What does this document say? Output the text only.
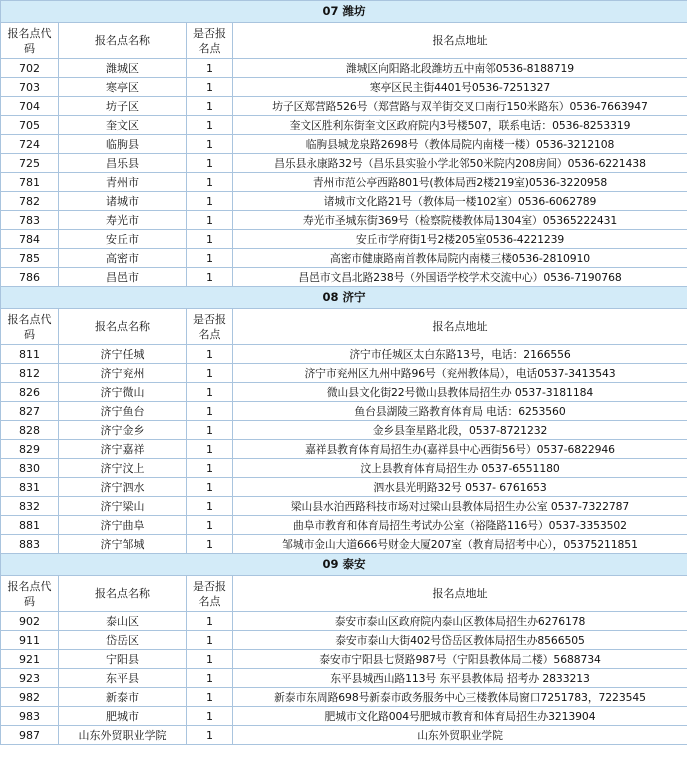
07 潍坊			
报名点代码	报名点名称	是否报名点	报名点地址
702	潍城区	1	潍城区向阳路北段潍坊五中南邻0536-8188719
703	寒亭区	1	寒亭区民主街4401号0536-7251327
704	坊子区	1	坊子区郑营路526号（郑营路与双羊街交叉口南行150米路东）0536-7663947
705	奎文区	1	奎文区胜利东街奎文区政府院内3号楼507，联系电话：0536-8253319
724	临朐县	1	临朐县城龙泉路2698号（教体局院内南楼一楼）0536-3212108
725	昌乐县	1	昌乐县永康路32号（昌乐县实验小学北邻50米院内208房间）0536-6221438
781	青州市	1	青州市范公亭西路801号(教体局西2楼219室)0536-3220958
782	诸城市	1	诸城市文化路21号（教体局一楼102室）0536-6062789
783	寿光市	1	寿光市圣城东街369号（检察院楼教体局1304室）05365222431
784	安丘市	1	安丘市学府街1号2楼205室0536-4221239
785	高密市	1	高密市健康路南首教体局院内南楼三楼0536-2810910
786	昌邑市	1	昌邑市文昌北路238号（外国语学校学术交流中心）0536-7190768
08 济宁			
报名点代码	报名点名称	是否报名点	报名点地址
811	济宁任城	1	济宁市任城区太白东路13号，电话：2166556
812	济宁兖州	1	济宁市兖州区九州中路96号（兖州教体局），电话0537-3413543
826	济宁微山	1	微山县文化街22号微山县教体局招生办 0537-3181184
827	济宁鱼台	1	鱼台县湖陵三路教育体育局 电话：6253560
828	济宁金乡	1	金乡县奎星路北段，0537-8721232
829	济宁嘉祥	1	嘉祥县教育体育局招生办(嘉祥县中心西街56号）0537-6822946
830	济宁汶上	1	汶上县教育体育局招生办 0537-6551180
831	济宁泗水	1	泗水县光明路32号 0537- 6761653
832	济宁梁山	1	梁山县水泊西路科技市场对过梁山县教体局招生办公室 0537-7322787
881	济宁曲阜	1	曲阜市教育和体育局招生考试办公室（裕隆路116号）0537-3353502
883	济宁邹城	1	邹城市金山大道666号财金大厦207室（教育局招考中心），05375211851
09 泰安			
报名点代码	报名点名称	是否报名点	报名点地址
902	泰山区	1	泰安市泰山区政府院内泰山区教体局招生办6276178
911	岱岳区	1	泰安市泰山大街402号岱岳区教体局招生办8566505
921	宁阳县	1	泰安市宁阳县七贤路987号（宁阳县教体局二楼）5688734
923	东平县	1	东平县城西山路113号 东平县教体局 招考办 2833213
982	新泰市	1	新泰市东周路698号新泰市政务服务中心三楼教体局窗口7251783，7223545
983	肥城市	1	肥城市文化路004号肥城市教育和体育局招生办3213904
987	山东外贸职业学院	1	山东外贸职业学院
